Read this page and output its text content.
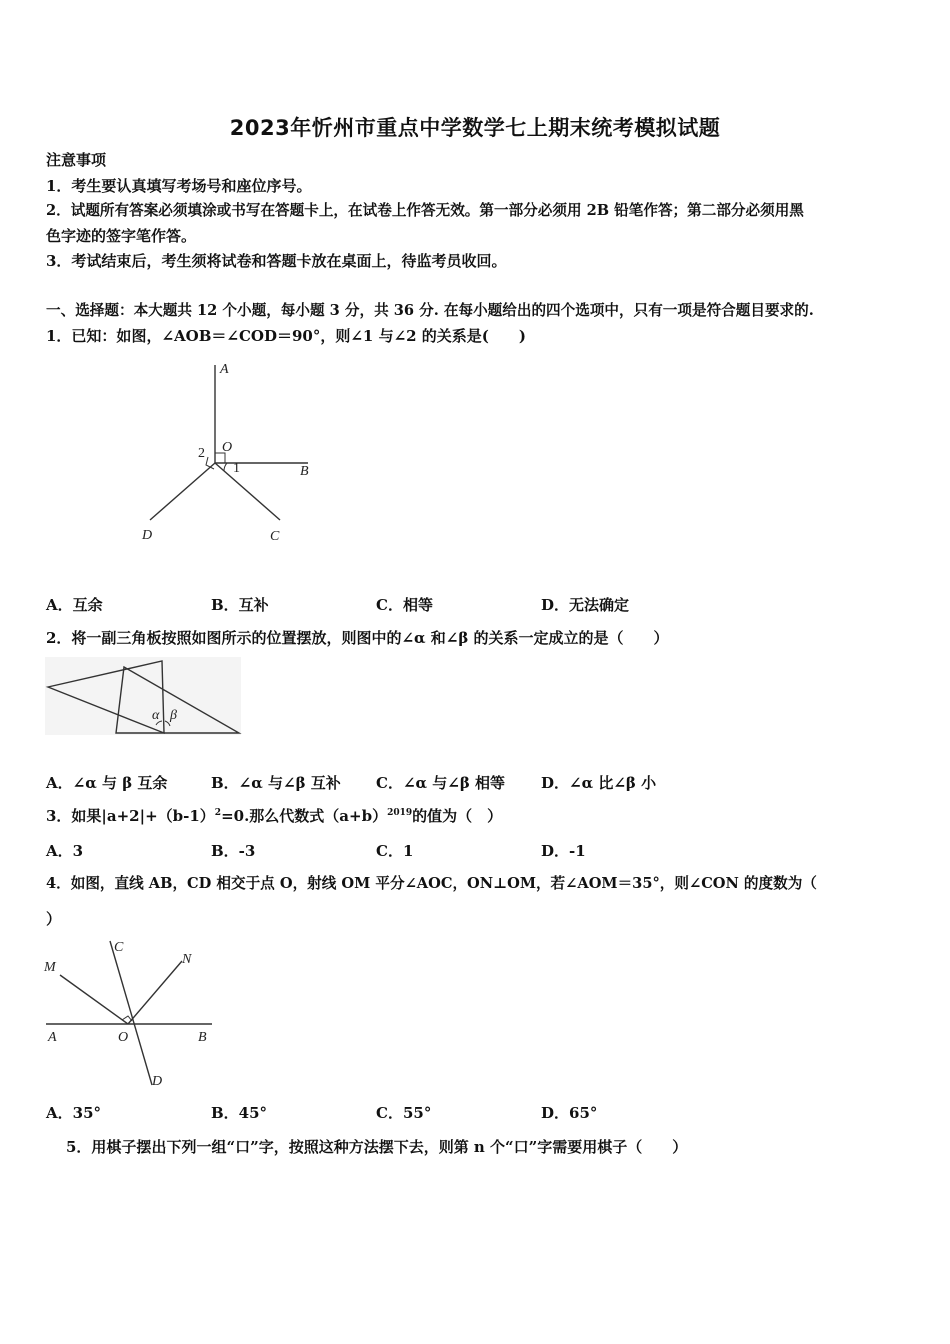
2023年忻州市重点中学数学七上期末统考模拟试题
注意事项
1．考生要认真填写考场号和座位序号。
2．试题所有答案必须填涂或书写在答题卡上，在试卷上作答无效。第一部分必须用 2B 铅笔作答；第二部分必须用黑
色字迹的签字笔作答。
3．考试结束后，考生须将试卷和答题卡放在桌面上，待监考员收回。
一、选择题：本大题共 12 个小题，每小题 3 分，共 36 分. 在每小题给出的四个选项中，只有一项是符合题目要求的.
1．已知：如图，∠AOB＝∠COD＝90°，则∠1 与∠2 的关系是(　　)
A
O
B
C
D
1
2
A．互余	B．互补	C．相等	D．无法确定
2．将一副三角板按照如图所示的位置摆放，则图中的∠α 和∠β 的关系一定成立的是（　　）
α β
A．∠α 与 β 互余	B．∠α 与∠β 互补 C．∠α 与∠β 相等 D．∠α 比∠β 小
3．如果$|a+2|+(b-1)^2=0$.那么代数式$(a+b)^{2019}$的值为（　）
A．3	B．-3	C．1	D．-1
4．如图，直线 AB，CD 相交于点 O，射线 OM 平分∠AOC，ON⊥OM，若∠AOM＝35°，则∠CON 的度数为（
）
M
C
N
A	O	B
D
A．35°	B．45°	C．55°	D．65°
5．用棋子摆出下列一组“口”字，按照这种方法摆下去，则第 n 个“口”字需要用棋子（　　）
